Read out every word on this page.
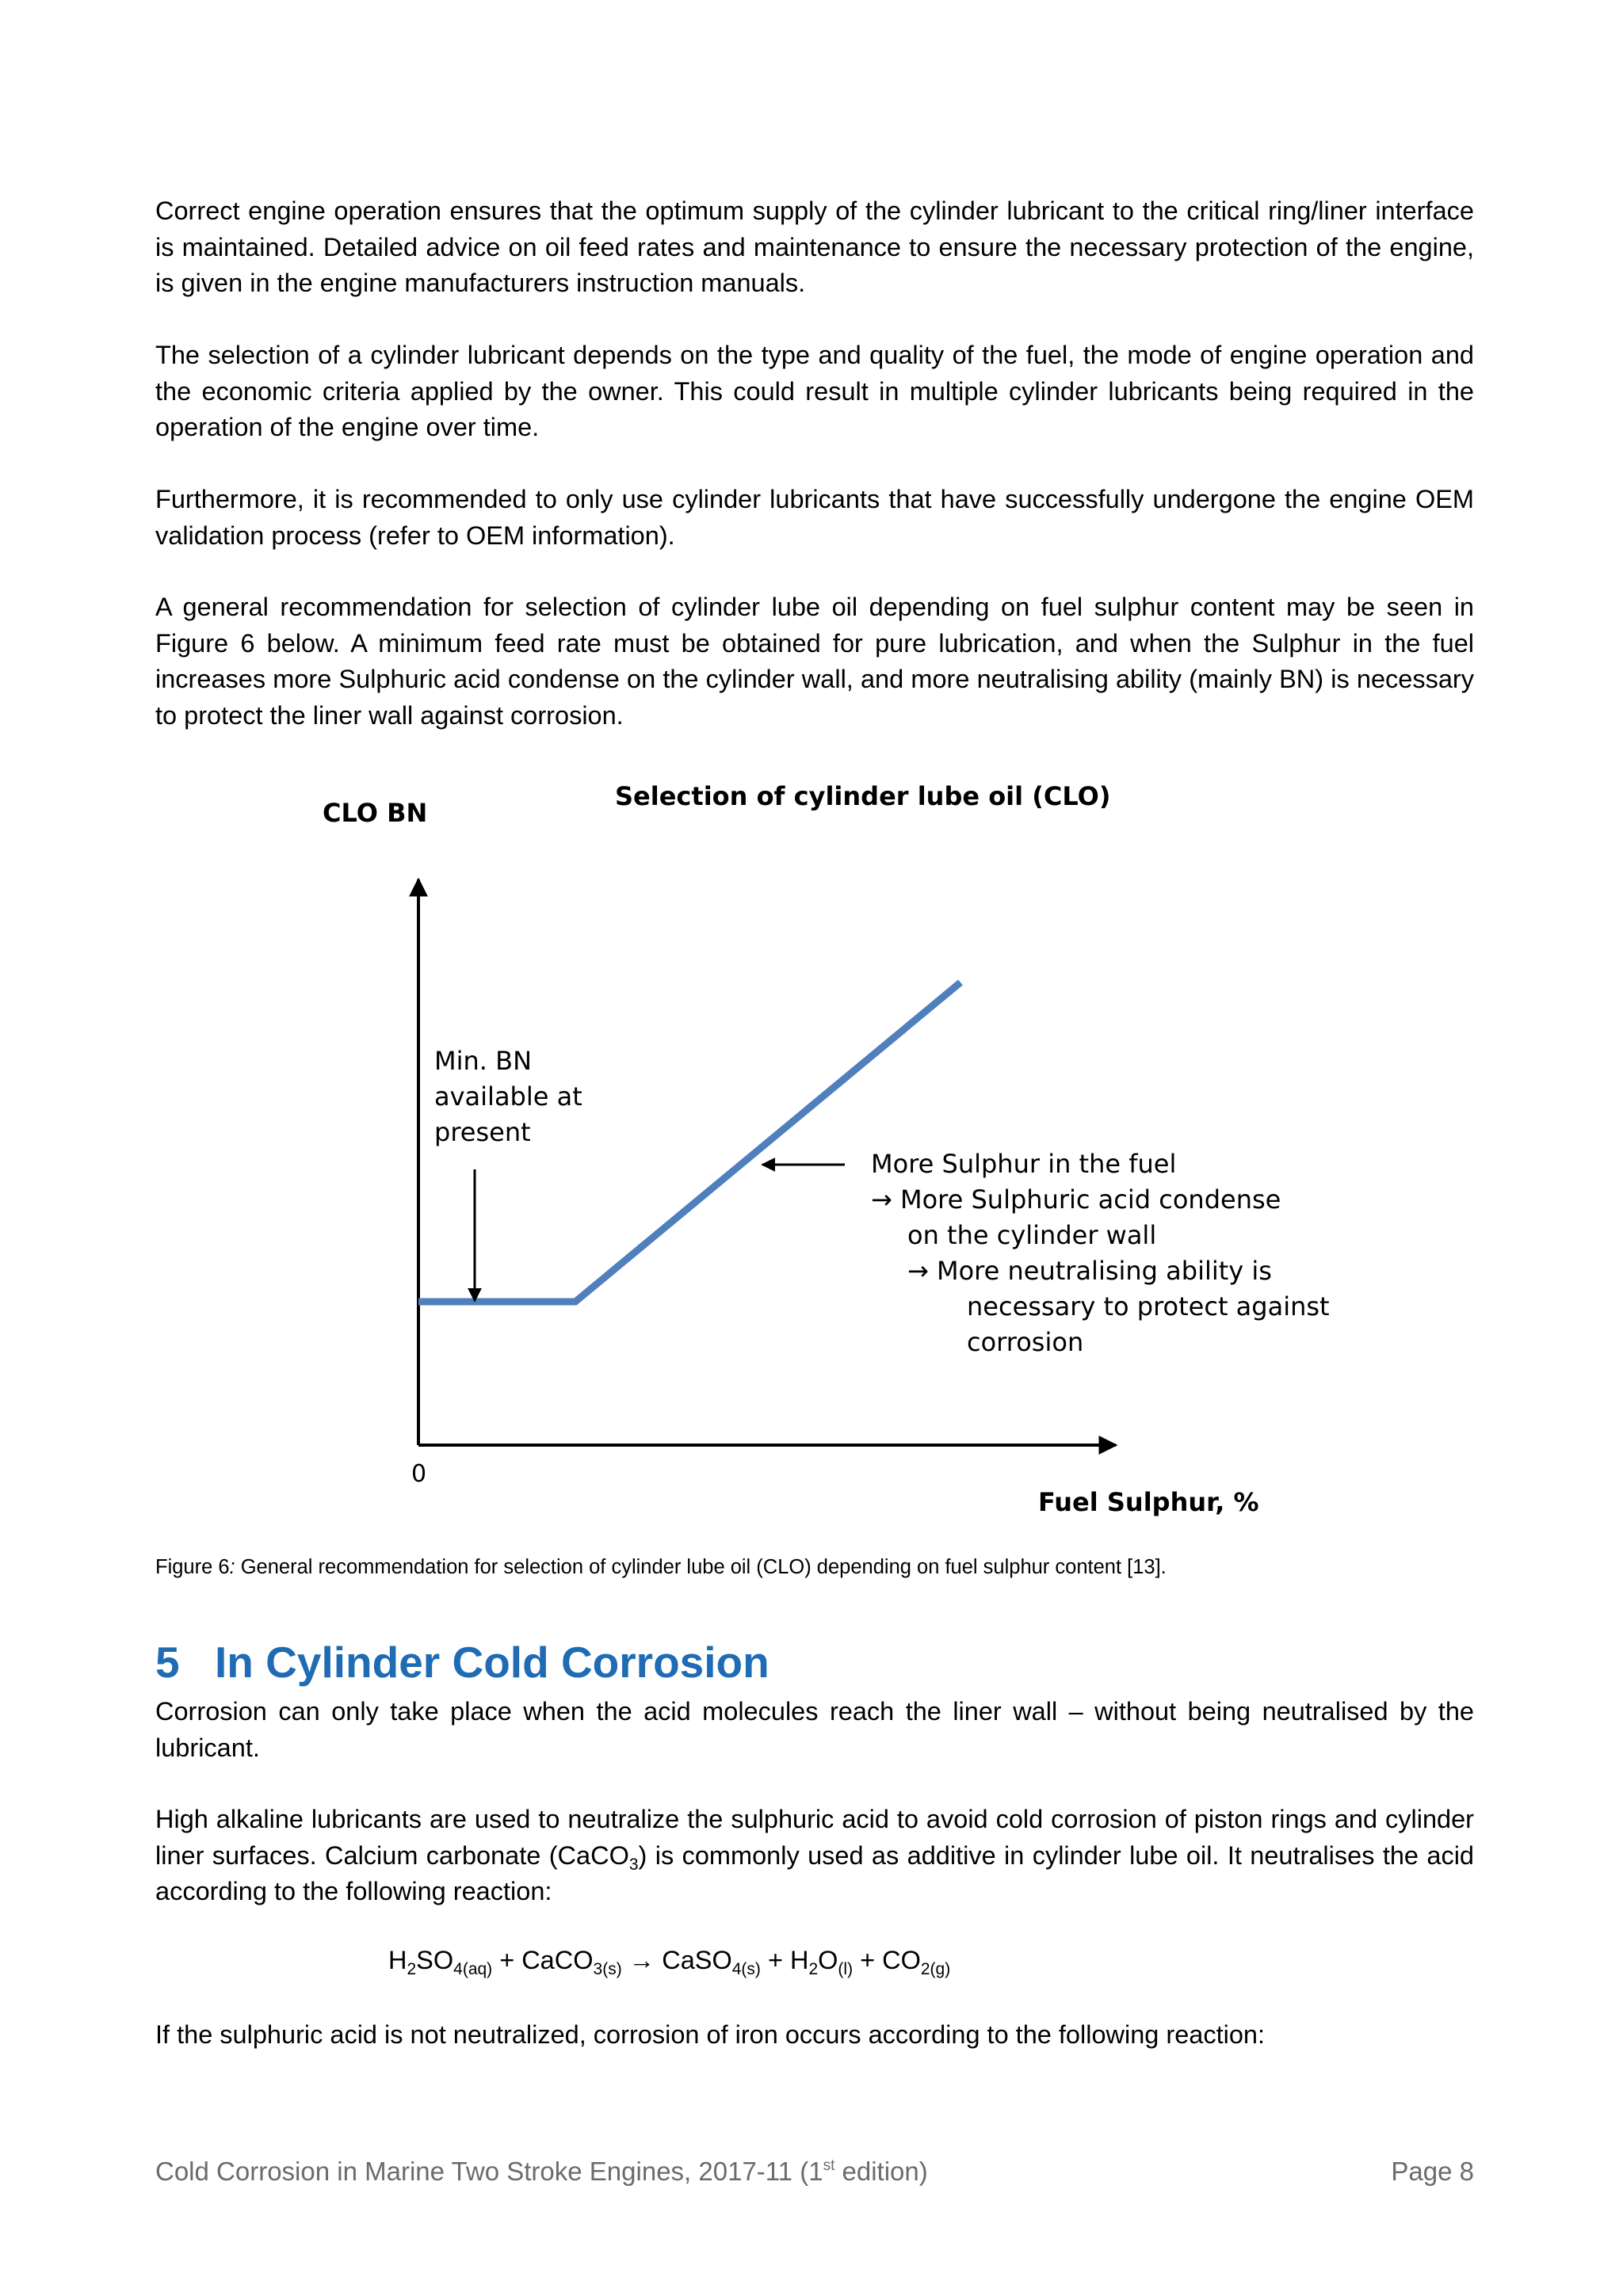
Correct engine operation ensures that the optimum supply of the cylinder lubricant to the critical ring/liner interface is maintained. Detailed advice on oil feed rates and maintenance to ensure the necessary protection of the engine, is given in the engine manufacturers instruction manuals.

The selection of a cylinder lubricant depends on the type and quality of the fuel, the mode of engine operation and the economic criteria applied by the owner. This could result in multiple cylinder lubricants being required in the operation of the engine over time.

Furthermore, it is recommended to only use cylinder lubricants that have successfully undergone the engine OEM validation process (refer to OEM information).

A general recommendation for selection of cylinder lube oil depending on fuel sulphur content may be seen in Figure 6 below. A minimum feed rate must be obtained for pure lubrication, and when the Sulphur in the fuel increases more Sulphuric acid condense on the cylinder wall, and more neutralising ability (mainly BN) is necessary to protect the liner wall against corrosion.

Selection of cylinder lube oil (CLO)
CLO BN
0
Fuel Sulphur, %
Min. BN available at present
More Sulphur in the fuel → More Sulphuric acid condense on the cylinder wall → More neutralising ability is necessary to protect against corrosion

Figure 6: General recommendation for selection of cylinder lube oil (CLO) depending on fuel sulphur content [13].

5 In Cylinder Cold Corrosion

Corrosion can only take place when the acid molecules reach the liner wall – without being neutralised by the lubricant.

High alkaline lubricants are used to neutralize the sulphuric acid to avoid cold corrosion of piston rings and cylinder liner surfaces. Calcium carbonate (CaCO$_3$) is commonly used as additive in cylinder lube oil. It neutralises the acid according to the following reaction:

$H_2SO_{4(aq)}$ + CaCO$_{3(s)}$ → CaSO$_{4(s)}$ + $H_2O_{(l)} + CO_{2(g)}$

If the sulphuric acid is not neutralized, corrosion of iron occurs according to the following reaction:

Cold Corrosion in Marine Two Stroke Engines, 2017-11 (1st edition)	Page 8
